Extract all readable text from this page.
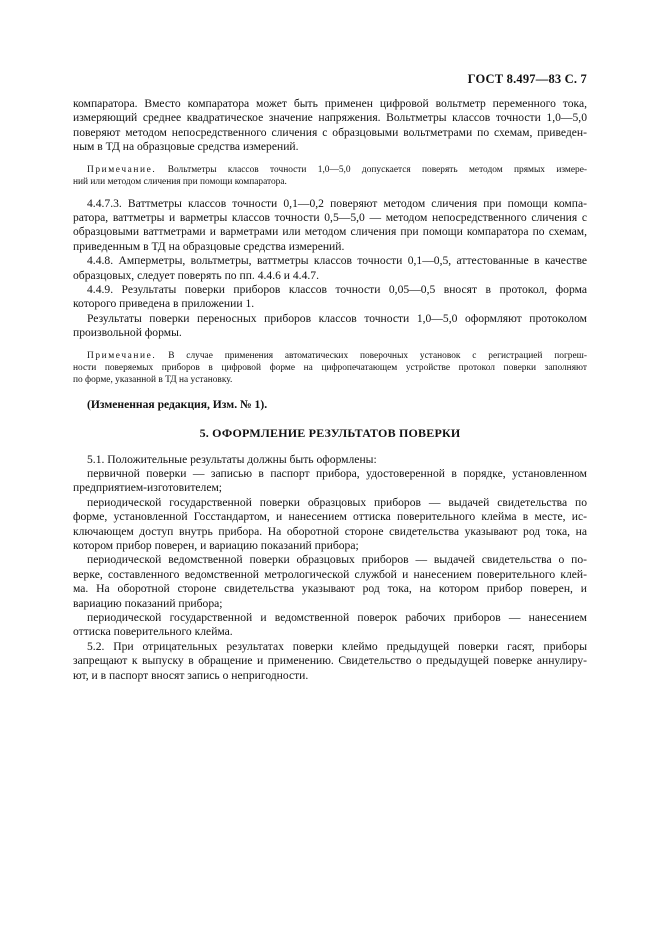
ГОСТ 8.497—83 С. 7

компаратора. Вместо компаратора может быть применен цифровой вольтметр переменного тока,

измеряющий среднее квадратическое значение напряжения. Вольтметры классов точности 1,0—5,0

поверяют методом непосредственного сличения с образцовыми вольтметрами по схемам, приведен-

ным в ТД на образцовые средства измерений.

Примечание. Вольтметры классов точности 1,0—5,0 допускается поверять методом прямых измере-

ний или методом сличения при помощи компаратора.

4.4.7.3. Ваттметры классов точности 0,1—0,2 поверяют методом сличения при помощи компа-

ратора, ваттметры и варметры классов точности 0,5—5,0 — методом непосредственного сличения с

образцовыми ваттметрами и варметрами или методом сличения при помощи компаратора по схемам,

приведенным в ТД на образцовые средства измерений.

4.4.8. Амперметры, вольтметры, ваттметры классов точности 0,1—0,5, аттестованные в качестве

образцовых, следует поверять по пп. 4.4.6 и 4.4.7.

4.4.9. Результаты поверки приборов классов точности 0,05—0,5 вносят в протокол, форма

которого приведена в приложении 1.

Результаты поверки переносных приборов классов точности 1,0—5,0 оформляют протоколом

произвольной формы.

Примечание. В случае применения автоматических поверочных установок с регистрацией погреш-

ности поверяемых приборов в цифровой форме на цифропечатающем устройстве протокол поверки заполняют

по форме, указанной в ТД на установку.

(Измененная редакция, Изм. № 1).

5. ОФОРМЛЕНИЕ РЕЗУЛЬТАТОВ ПОВЕРКИ

5.1. Положительные результаты должны быть оформлены:

первичной поверки — записью в паспорт прибора, удостоверенной в порядке, установленном

предприятием-изготовителем;

периодической государственной поверки образцовых приборов — выдачей свидетельства по

форме, установленной Госстандартом, и нанесением оттиска поверительного клейма в месте, ис-

ключающем доступ внутрь прибора. На оборотной стороне свидетельства указывают род тока, на

котором прибор поверен, и вариацию показаний прибора;

периодической ведомственной поверки образцовых приборов — выдачей свидетельства о по-

верке, составленного ведомственной метрологической службой и нанесением поверительного клей-

ма. На оборотной стороне свидетельства указывают род тока, на котором прибор поверен, и

вариацию показаний прибора;

периодической государственной и ведомственной поверок рабочих приборов — нанесением

оттиска поверительного клейма.

5.2. При отрицательных результатах поверки клеймо предыдущей поверки гасят, приборы

запрещают к выпуску в обращение и применению. Свидетельство о предыдущей поверке аннулиру-

ют, и в паспорт вносят запись о непригодности.
